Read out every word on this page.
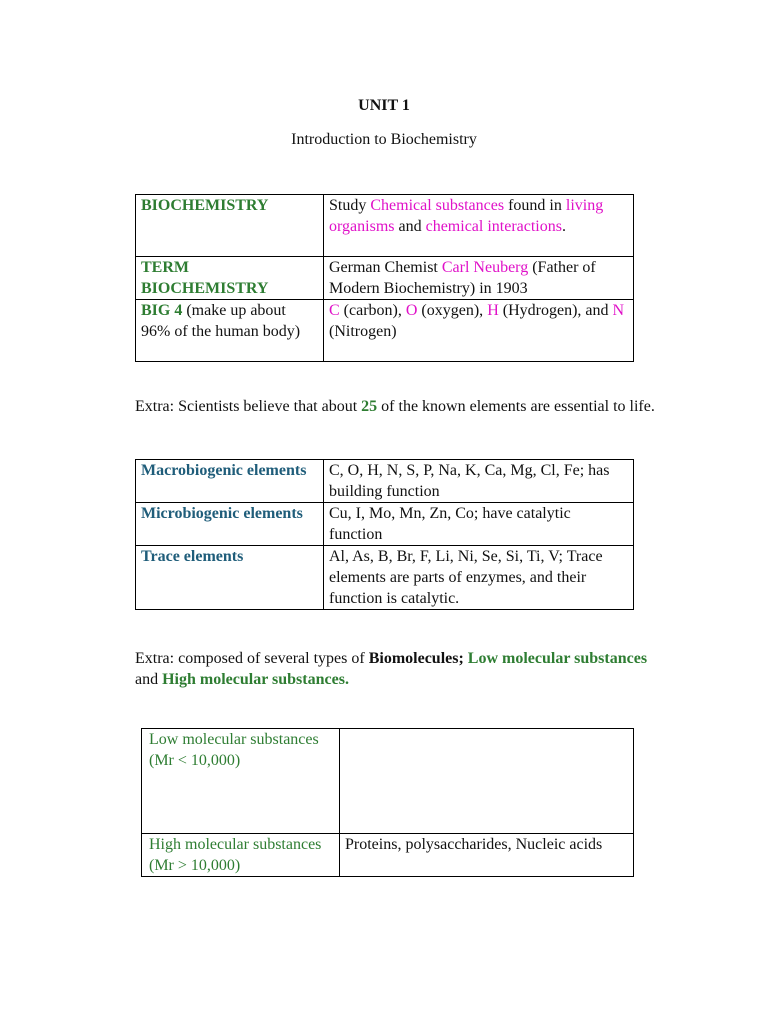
UNIT 1
Introduction to Biochemistry
BIOCHEMISTRY	Study Chemical substances found in living organisms and chemical interactions.
TERM BIOCHEMISTRY	German Chemist Carl Neuberg (Father of Modern Biochemistry) in 1903
BIG 4 (make up about 96% of the human body)	C (carbon), O (oxygen), H (Hydrogen), and N (Nitrogen)
Extra: Scientists believe that about 25 of the known elements are essential to life.
Macrobiogenic elements	C, O, H, N, S, P, Na, K, Ca, Mg, Cl, Fe; has building function
Microbiogenic elements	Cu, I, Mo, Mn, Zn, Co; have catalytic function
Trace elements	Al, As, B, Br, F, Li, Ni, Se, Si, Ti, V; Trace elements are parts of enzymes, and their function is catalytic.
Extra: composed of several types of Biomolecules; Low molecular substances and High molecular substances.
Low molecular substances (Mr < 10,000)	
High molecular substances (Mr > 10,000)	Proteins, polysaccharides, Nucleic acids
